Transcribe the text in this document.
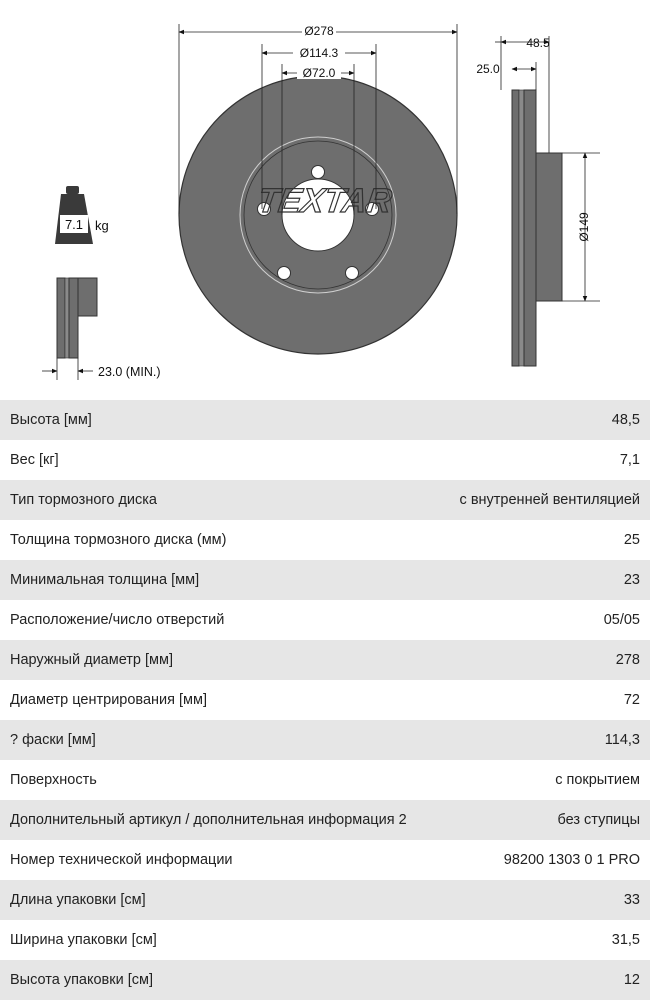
TEXTAR
Ø278
Ø114.3
Ø72.0
48.5
25.0
Ø149
7.1 kg
23.0 (MIN.)
Высота [мм]	48,5
Вес [кг]	7,1
Тип тормозного диска	с внутренней вентиляцией
Толщина тормозного диска (мм)	25
Минимальная толщина [мм]	23
Расположение/число отверстий	05/05
Наружный диаметр [мм]	278
Диаметр центрирования [мм]	72
? фаски [мм]	114,3
Поверхность	с покрытием
Дополнительный артикул / дополнительная информация 2	без ступицы
Номер технической информации	98200 1303 0 1 PRO
Длина упаковки [см]	33
Ширина упаковки [см]	31,5
Высота упаковки [см]	12
